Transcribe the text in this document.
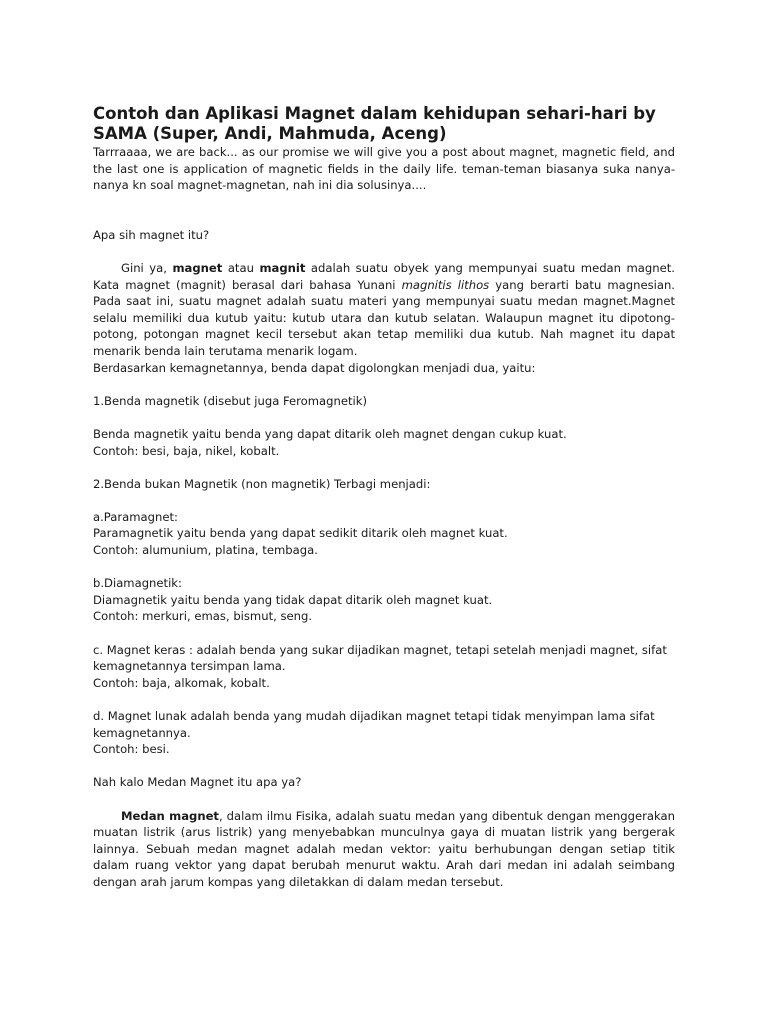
Contoh dan Aplikasi Magnet dalam kehidupan sehari-hari by SAMA (Super, Andi, Mahmuda, Aceng)

Tarrraaaa, we are back... as our promise we will give you a post about magnet, magnetic field, and the last one is application of magnetic fields in the daily life. teman-teman biasanya suka nanya-nanya kn soal magnet-magnetan, nah ini dia solusinya....

Apa sih magnet itu?

Gini ya, magnet atau magnit adalah suatu obyek yang mempunyai suatu medan magnet. Kata magnet (magnit) berasal dari bahasa Yunani magnitis lithos yang berarti batu magnesian. Pada saat ini, suatu magnet adalah suatu materi yang mempunyai suatu medan magnet.Magnet selalu memiliki dua kutub yaitu: kutub utara dan kutub selatan. Walaupun magnet itu dipotong-potong, potongan magnet kecil tersebut akan tetap memiliki dua kutub. Nah magnet itu dapat menarik benda lain terutama menarik logam.

Berdasarkan kemagnetannya, benda dapat digolongkan menjadi dua, yaitu:

1.Benda magnetik (disebut juga Feromagnetik)

Benda magnetik yaitu benda yang dapat ditarik oleh magnet dengan cukup kuat.

Contoh: besi, baja, nikel, kobalt.

2.Benda bukan Magnetik (non magnetik) Terbagi menjadi:

a.Paramagnet:

Paramagnetik yaitu benda yang dapat sedikit ditarik oleh magnet kuat.

Contoh: alumunium, platina, tembaga.

b.Diamagnetik:

Diamagnetik yaitu benda yang tidak dapat ditarik oleh magnet kuat.

Contoh: merkuri, emas, bismut, seng.

c. Magnet keras : adalah benda yang sukar dijadikan magnet, tetapi setelah menjadi magnet, sifat kemagnetannya tersimpan lama.

Contoh: baja, alkomak, kobalt.

d. Magnet lunak adalah benda yang mudah dijadikan magnet tetapi tidak menyimpan lama sifat kemagnetannya.

Contoh: besi.

Nah kalo Medan Magnet itu apa ya?

Medan magnet, dalam ilmu Fisika, adalah suatu medan yang dibentuk dengan menggerakan muatan listrik (arus listrik) yang menyebabkan munculnya gaya di muatan listrik yang bergerak lainnya. Sebuah medan magnet adalah medan vektor: yaitu berhubungan dengan setiap titik dalam ruang vektor yang dapat berubah menurut waktu. Arah dari medan ini adalah seimbang dengan arah jarum kompas yang diletakkan di dalam medan tersebut.
